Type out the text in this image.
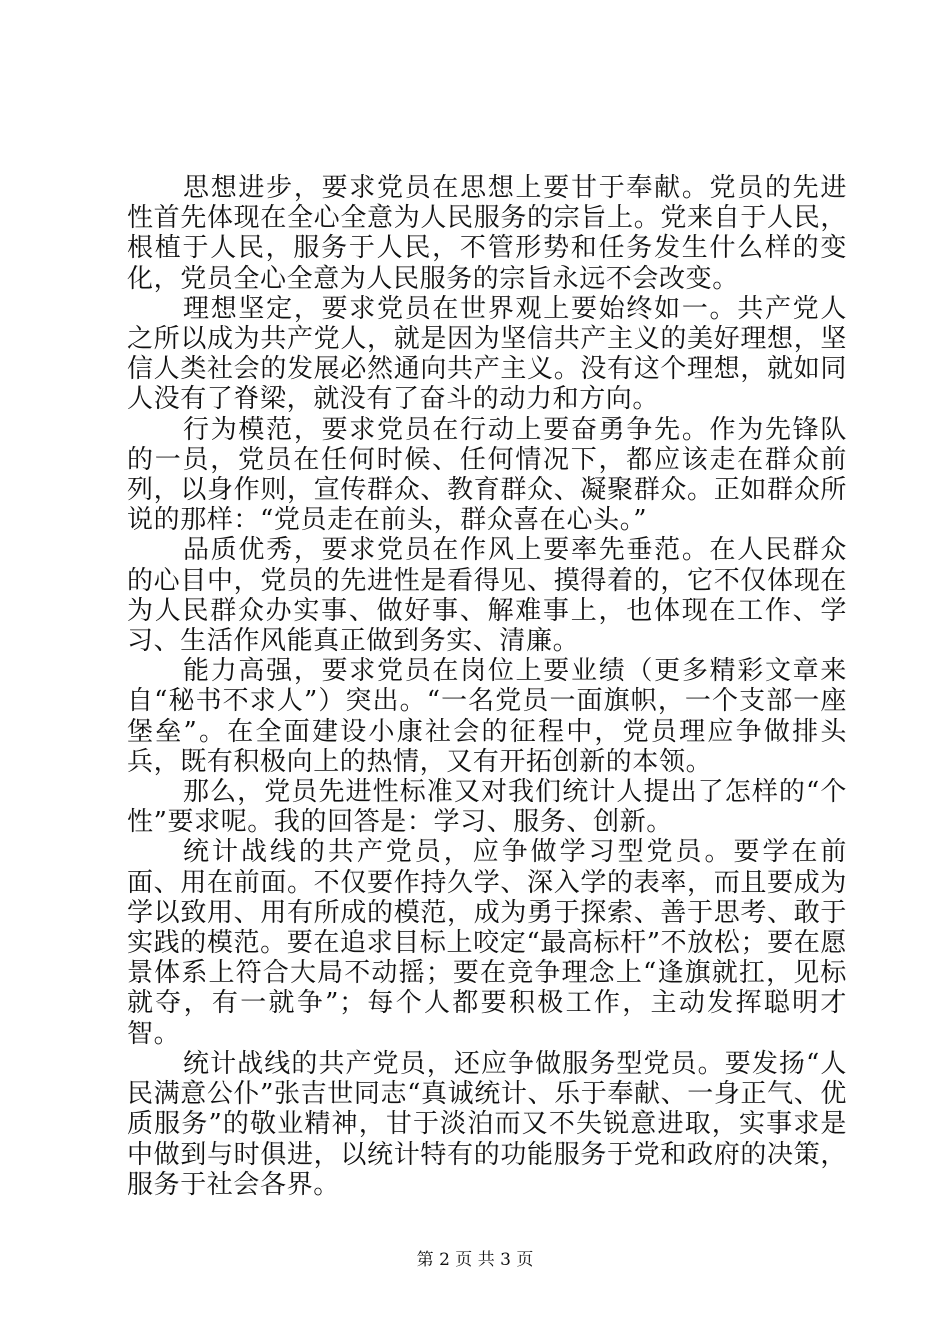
思想进步，要求党员在思想上要甘于奉献。党员的先进性首先体现在全心全意为人民服务的宗旨上。党来自于人民，根植于人民，服务于人民，不管形势和任务发生什么样的变化，党员全心全意为人民服务的宗旨永远不会改变。

理想坚定，要求党员在世界观上要始终如一。共产党人之所以成为共产党人，就是因为坚信共产主义的美好理想，坚信人类社会的发展必然通向共产主义。没有这个理想，就如同人没有了脊梁，就没有了奋斗的动力和方向。

行为模范，要求党员在行动上要奋勇争先。作为先锋队的一员，党员在任何时候、任何情况下，都应该走在群众前列，以身作则，宣传群众、教育群众、凝聚群众。正如群众所说的那样：“党员走在前头，群众喜在心头。”

品质优秀，要求党员在作风上要率先垂范。在人民群众的心目中，党员的先进性是看得见、摸得着的，它不仅体现在为人民群众办实事、做好事、解难事上，也体现在工作、学习、生活作风能真正做到务实、清廉。

能力高强，要求党员在岗位上要业绩（更多精彩文章来自“秘书不求人”）突出。“一名党员一面旗帜，一个支部一座堡垒”。在全面建设小康社会的征程中，党员理应争做排头兵，既有积极向上的热情，又有开拓创新的本领。

那么，党员先进性标准又对我们统计人提出了怎样的“个性”要求呢。我的回答是：学习、服务、创新。

统计战线的共产党员，应争做学习型党员。要学在前面、用在前面。不仅要作持久学、深入学的表率，而且要成为学以致用、用有所成的模范，成为勇于探索、善于思考、敢于实践的模范。要在追求目标上咬定“最高标杆”不放松；要在愿景体系上符合大局不动摇；要在竞争理念上“逢旗就扛，见标就夺，有一就争”；每个人都要积极工作，主动发挥聪明才智。

统计战线的共产党员，还应争做服务型党员。要发扬“人民满意公仆”张吉世同志“真诚统计、乐于奉献、一身正气、优质服务”的敬业精神，甘于淡泊而又不失锐意进取，实事求是中做到与时俱进，以统计特有的功能服务于党和政府的决策，服务于社会各界。

第 2 页 共 3 页
